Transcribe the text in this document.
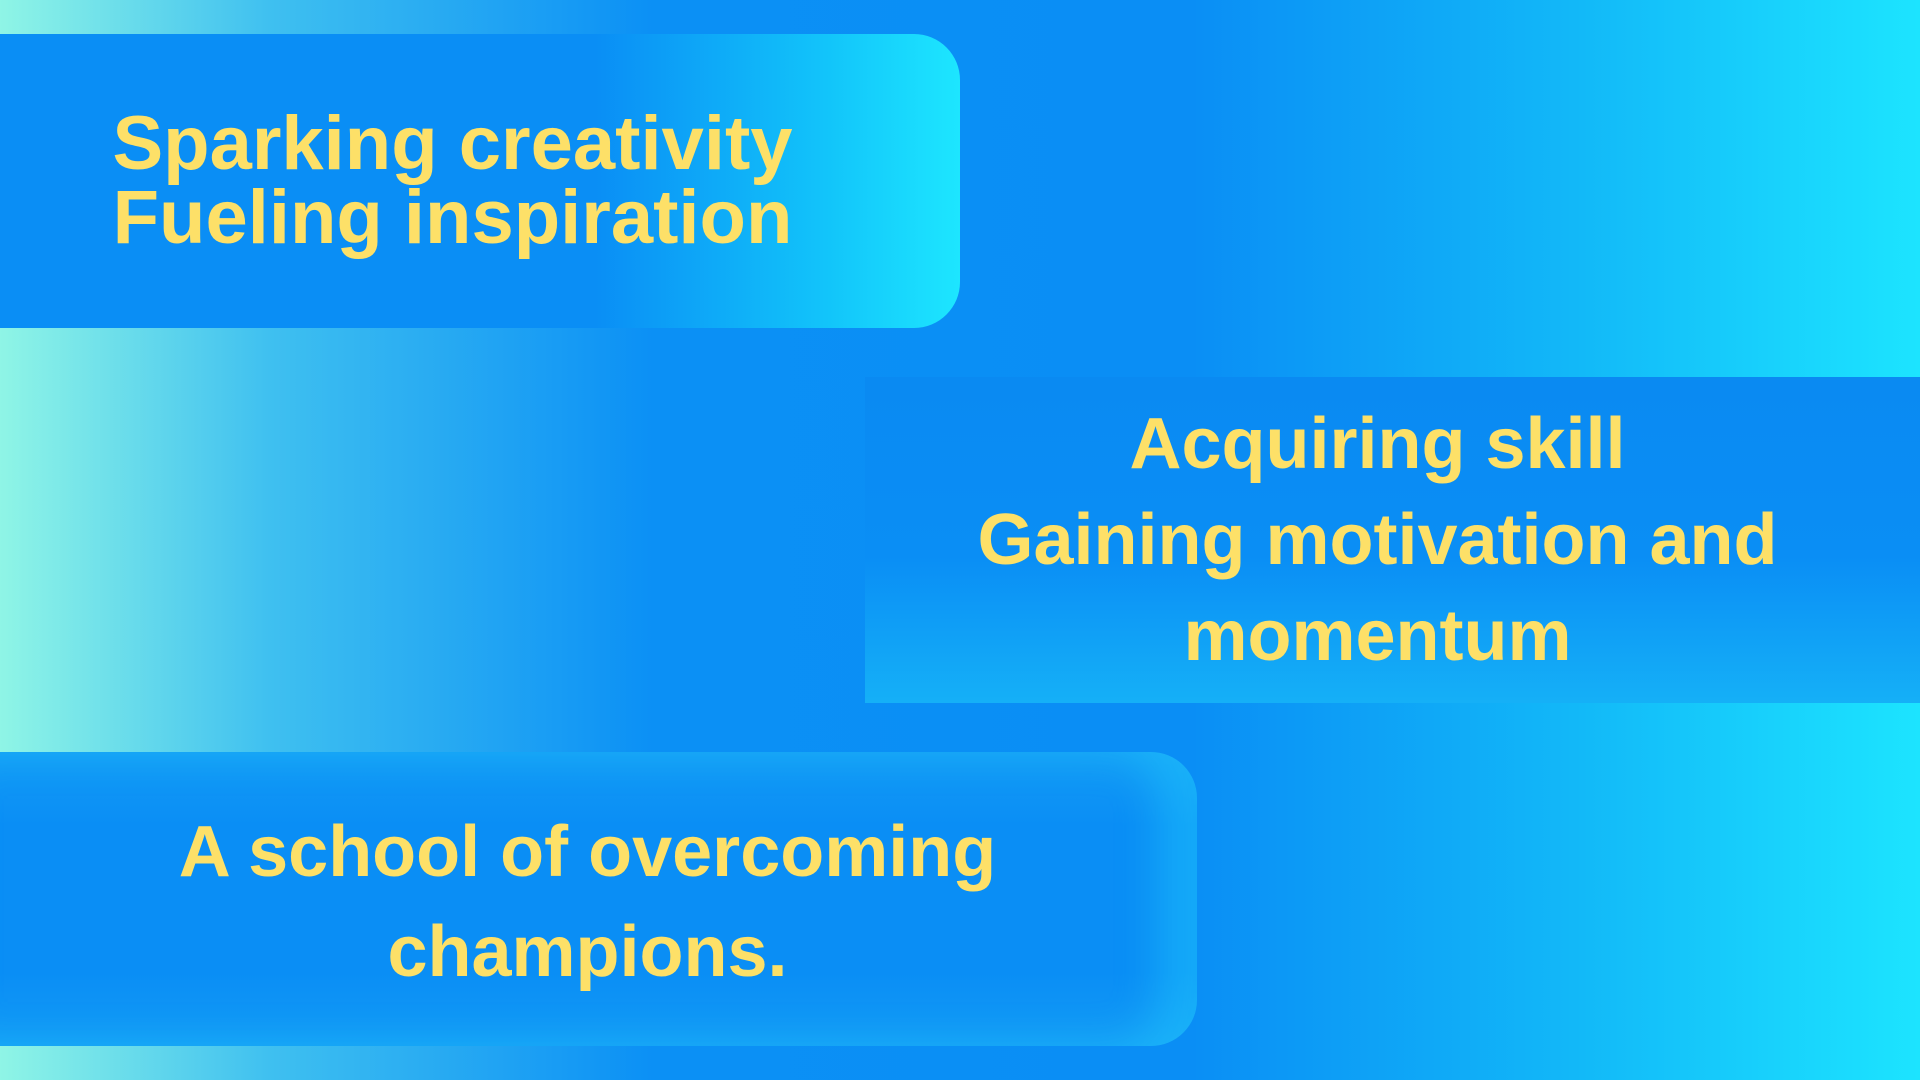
Sparking creativity
Fueling inspiration
Acquiring skill
Gaining motivation and
momentum
A school of overcoming
champions.
